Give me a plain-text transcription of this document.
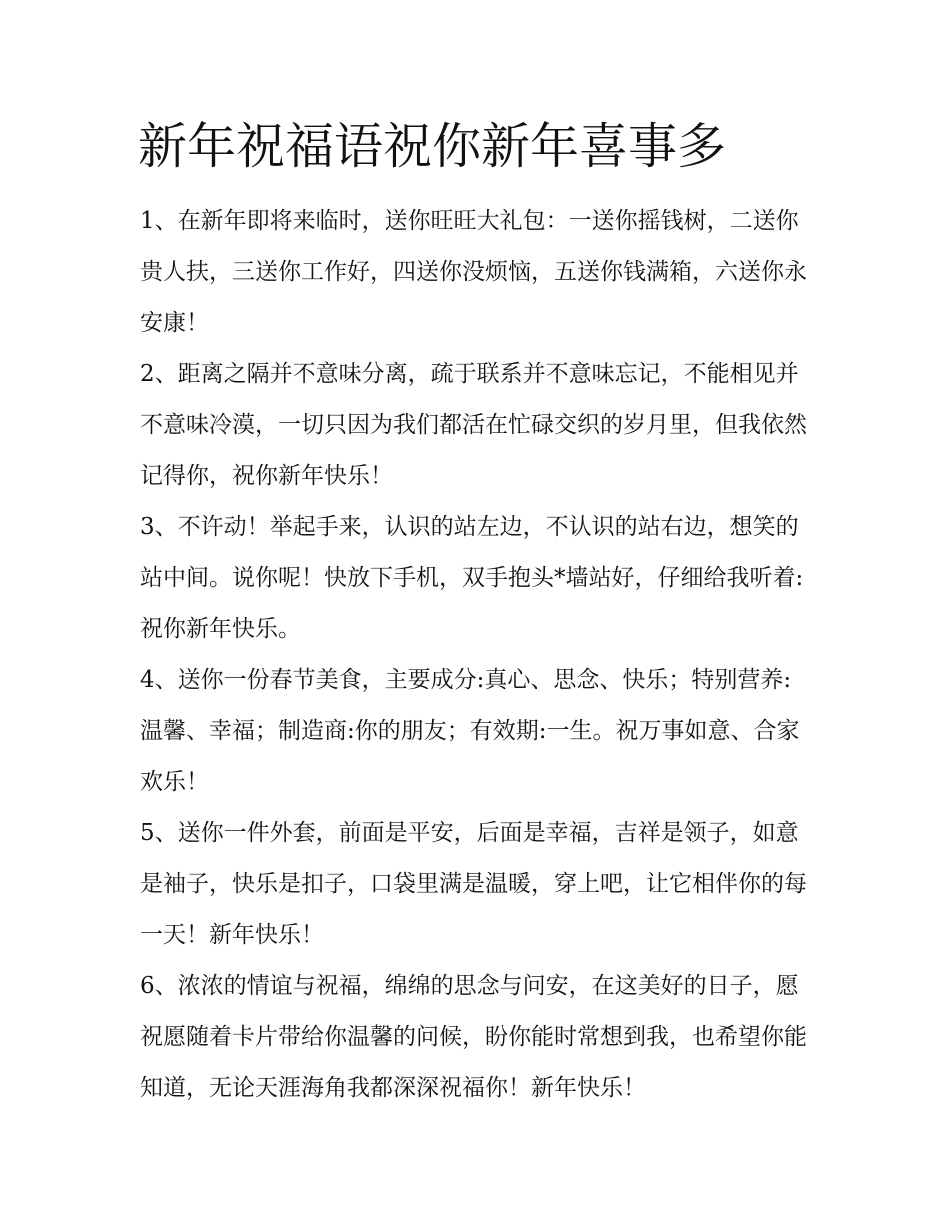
新年祝福语祝你新年喜事多

1、在新年即将来临时，送你旺旺大礼包：一送你摇钱树，二送你贵人扶，三送你工作好，四送你没烦恼，五送你钱满箱，六送你永安康！

2、距离之隔并不意味分离，疏于联系并不意味忘记，不能相见并不意味冷漠，一切只因为我们都活在忙碌交织的岁月里，但我依然记得你，祝你新年快乐！

3、不许动！举起手来，认识的站左边，不认识的站右边，想笑的站中间。说你呢！快放下手机，双手抱头*墙站好，仔细给我听着:祝你新年快乐。

4、送你一份春节美食，主要成分:真心、思念、快乐；特别营养:温馨、幸福；制造商:你的朋友；有效期:一生。祝万事如意、合家欢乐！

5、送你一件外套，前面是平安，后面是幸福，吉祥是领子，如意是袖子，快乐是扣子，口袋里满是温暖，穿上吧，让它相伴你的每一天！新年快乐！

6、浓浓的情谊与祝福，绵绵的思念与问安，在这美好的日子，愿祝愿随着卡片带给你温馨的问候，盼你能时常想到我，也希望你能知道，无论天涯海角我都深深祝福你！新年快乐！
